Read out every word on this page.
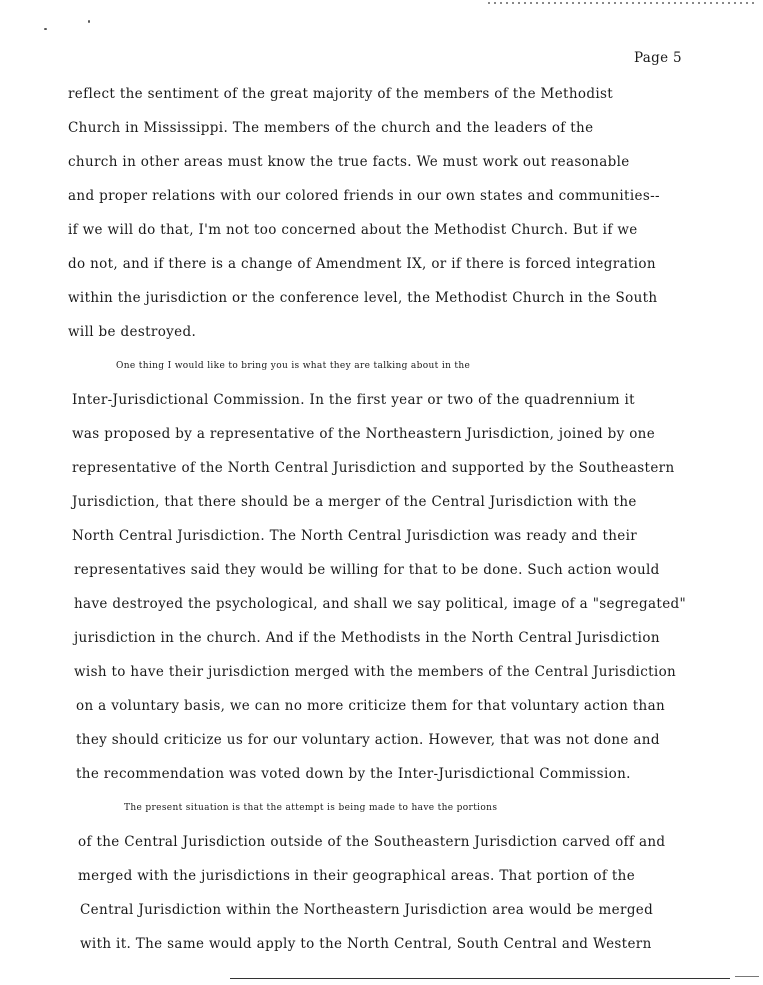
Page 5
reflect the sentiment of the great majority of the members of the Methodist
Church in Mississippi. The members of the church and the leaders of the
church in other areas must know the true facts. We must work out reasonable
and proper relations with our colored friends in our own states and communities--
if we will do that, I'm not too concerned about the Methodist Church. But if we
do not, and if there is a change of Amendment IX, or if there is forced integration
within the jurisdiction or the conference level, the Methodist Church in the South
will be destroyed.
One thing I would like to bring you is what they are talking about in the
Inter-Jurisdictional Commission. In the first year or two of the quadrennium it
was proposed by a representative of the Northeastern Jurisdiction, joined by one
representative of the North Central Jurisdiction and supported by the Southeastern
Jurisdiction, that there should be a merger of the Central Jurisdiction with the
North Central Jurisdiction. The North Central Jurisdiction was ready and their
representatives said they would be willing for that to be done. Such action would
have destroyed the psychological, and shall we say political, image of a "segregated"
jurisdiction in the church. And if the Methodists in the North Central Jurisdiction
wish to have their jurisdiction merged with the members of the Central Jurisdiction
on a voluntary basis, we can no more criticize them for that voluntary action than
they should criticize us for our voluntary action. However, that was not done and
the recommendation was voted down by the Inter-Jurisdictional Commission.
The present situation is that the attempt is being made to have the portions
of the Central Jurisdiction outside of the Southeastern Jurisdiction carved off and
merged with the jurisdictions in their geographical areas. That portion of the
Central Jurisdiction within the Northeastern Jurisdiction area would be merged
with it. The same would apply to the North Central, South Central and Western
